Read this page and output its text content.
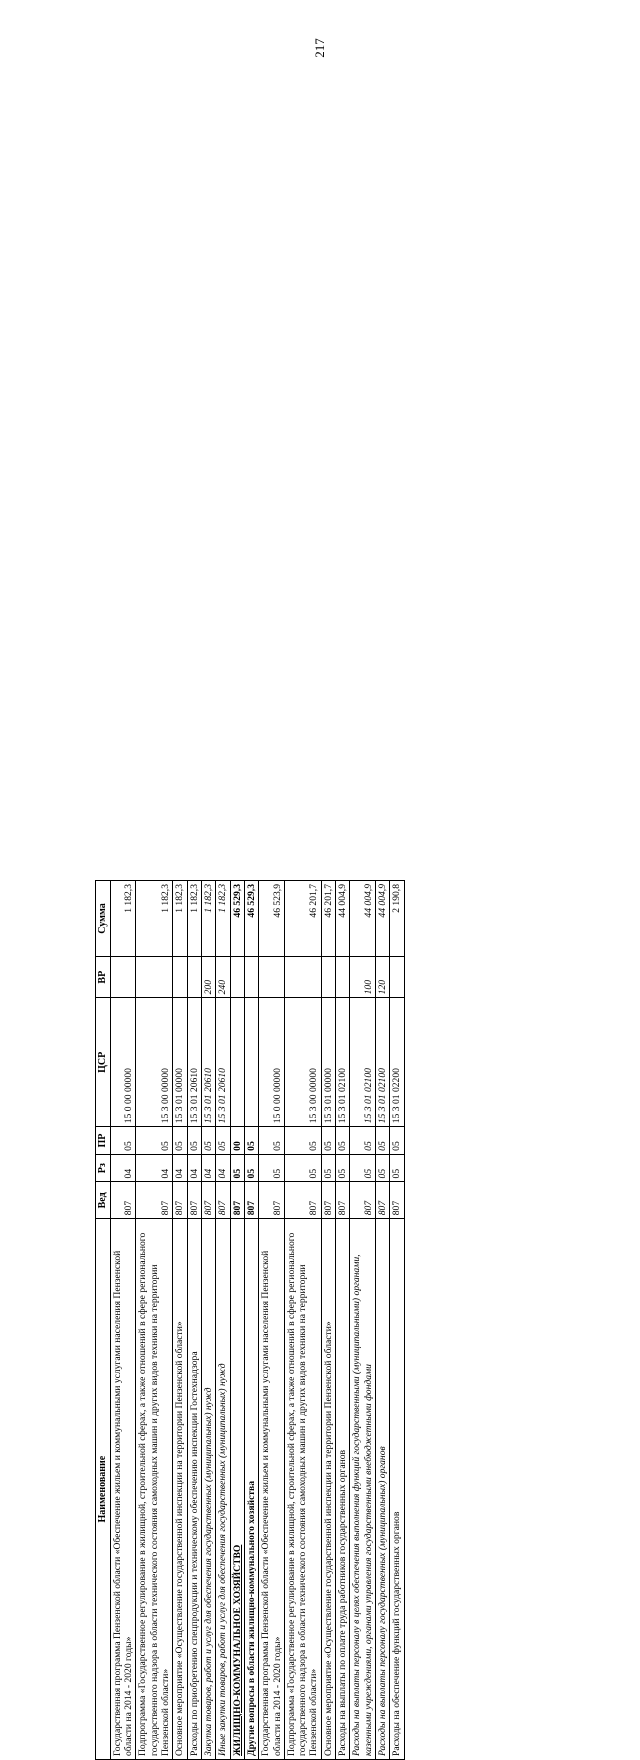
217
Наименование	Вед	Рз	ПР	ЦСР	ВР	Сумма
Государственная программа Пензенской области «Обеспечение жильем и коммунальными услугами населения Пензенской области на 2014 - 2020 годы»	807	04	05	15 0 00 00000		1 182,3
Подпрограмма «Государственное регулирование в жилищной, строительной сферах, а также отношений в сфере регионального государственного надзора в области технического состояния самоходных машин и других видов техники на территории Пензенской области»	807	04	05	15 3 00 00000		1 182,3
Основное мероприятие «Осуществление государственной инспекции на территории Пензенской области»	807	04	05	15 3 01 00000		1 182,3
Расходы по приобретению спецпродукции и техническому обеспечению инспекции Гостехнадзора	807	04	05	15 3 01 20610		1 182,3
Закупка товаров, работ и услуг для обеспечения государственных (муниципальных) нужд	807	04	05	15 3 01 20610	200	1 182,3
Иные закупки товаров, работ и услуг для обеспечения государственных (муниципальных) нужд	807	04	05	15 3 01 20610	240	1 182,3
ЖИЛИЩНО-КОММУНАЛЬНОЕ ХОЗЯЙСТВО	807	05	00			46 529,3
Другие вопросы в области жилищно-коммунального хозяйства	807	05	05			46 529,3
Государственная программа Пензенской области «Обеспечение жильем и коммунальными услугами населения Пензенской области на 2014 - 2020 годы»	807	05	05	15 0 00 00000		46 523,9
Подпрограмма «Государственное регулирование в жилищной, строительной сферах, а также отношений в сфере регионального государственного надзора в области технического состояния самоходных машин и других видов техники на территории Пензенской области»	807	05	05	15 3 00 00000		46 201,7
Основное мероприятие «Осуществление государственной инспекции на территории Пензенской области»	807	05	05	15 3 01 00000		46 201,7
Расходы на выплаты по оплате труда работников государственных органов	807	05	05	15 3 01 02100		44 004,9
Расходы на выплаты персоналу в целях обеспечения выполнения функций государственными (муниципальными) органами, казенными учреждениями, органами управления государственными внебюджетными фондами	807	05	05	15 3 01 02100	100	44 004,9
Расходы на выплаты персоналу государственных (муниципальных) органов	807	05	05	15 3 01 02100	120	44 004,9
Расходы на обеспечение функций государственных органов	807	05	05	15 3 01 02200		2 190,8
